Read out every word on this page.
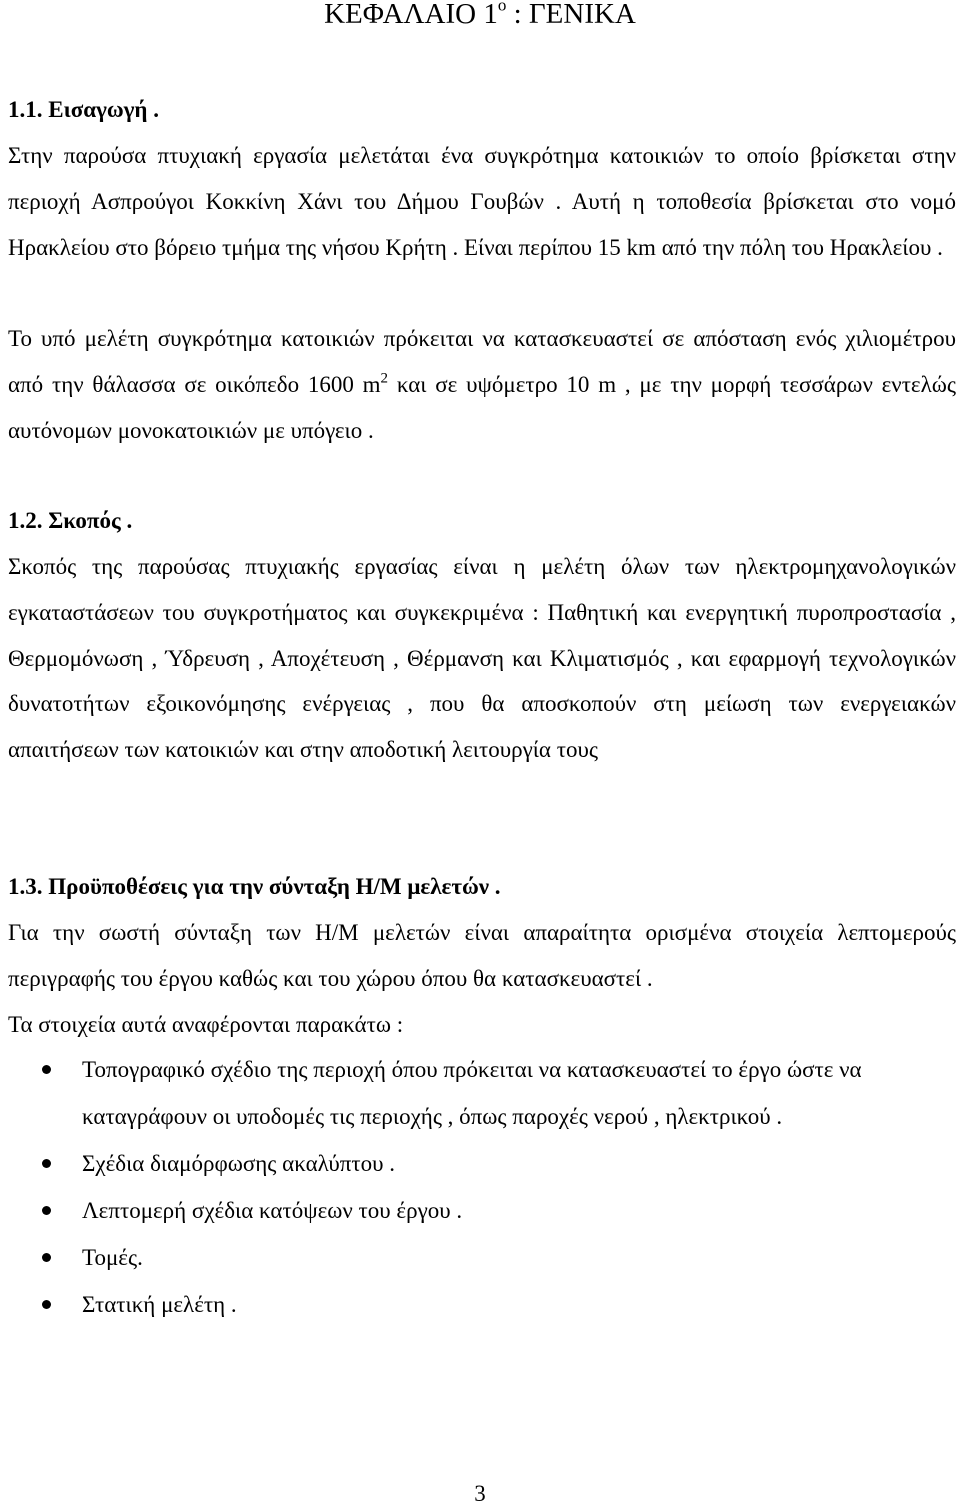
ΚΕΦΑΛΑΙΟ $1^o$ : ΓΕΝΙΚΑ
1.1. Εισαγωγή .

Στην παρούσα πτυχιακή εργασία μελετάται ένα συγκρότημα κατοικιών το οποίο βρίσκεται στην περιοχή Ασπρούγοι Κοκκίνη Χάνι του Δήμου Γουβών . Αυτή η τοποθεσία βρίσκεται στο νομό Ηρακλείου στο βόρειο τμήμα της νήσου Κρήτη . Είναι περίπου 15 km από την πόλη του Ηρακλείου .

Το υπό μελέτη συγκρότημα κατοικιών πρόκειται να κατασκευαστεί σε απόσταση ενός χιλιομέτρου από την θάλασσα σε οικόπεδο 1600 $m^2$ και σε υψόμετρο 10 m , με την μορφή τεσσάρων εντελώς αυτόνομων μονοκατοικιών με υπόγειο .

1.2. Σκοπός .

Σκοπός της παρούσας πτυχιακής εργασίας είναι η μελέτη όλων των ηλεκτρομηχανολογικών εγκαταστάσεων του συγκροτήματος και συγκεκριμένα : Παθητική και ενεργητική πυροπροστασία , Θερμομόνωση , Ύδρευση , Αποχέτευση , Θέρμανση και Κλιματισμός , και εφαρμογή τεχνολογικών δυνατοτήτων εξοικονόμησης ενέργειας , που θα αποσκοπούν στη μείωση των ενεργειακών απαιτήσεων των κατοικιών και στην αποδοτική λειτουργία τους

1.3. Προϋποθέσεις για την σύνταξη Η/Μ μελετών .

Για την σωστή σύνταξη των Η/Μ μελετών είναι απαραίτητα ορισμένα στοιχεία λεπτομερούς περιγραφής του έργου καθώς και του χώρου όπου θα κατασκευαστεί .

Τα στοιχεία αυτά αναφέρονται παρακάτω :

Τοπογραφικό σχέδιο της περιοχή όπου πρόκειται να κατασκευαστεί το έργο ώστε να καταγράφουν οι υποδομές τις περιοχής , όπως παροχές νερού , ηλεκτρικού .
Σχέδια διαμόρφωσης ακαλύπτου .
Λεπτομερή σχέδια κατόψεων του έργου .
Τομές.
Στατική μελέτη .
3
